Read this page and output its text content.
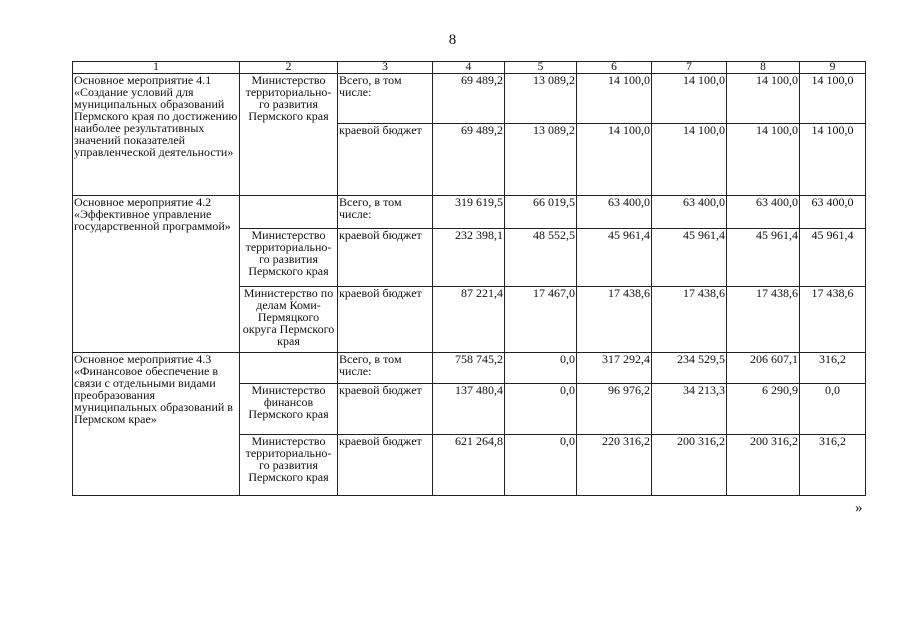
8
1	2	3	4	5	6	7	8	9
Основное мероприятие 4.1 «Создание условий для муниципальных образований Пермского края по достижению наиболее результативных значений показателей управленческой деятельности»	Министерство территориально-го развития Пермского края	Всего, в том числе:	69 489,2	13 089,2	14 100,0	14 100,0	14 100,0	14 100,0
		краевой бюджет	69 489,2	13 089,2	14 100,0	14 100,0	14 100,0	14 100,0
Основное мероприятие 4.2 «Эффективное управление государственной программой»		Всего, в том числе:	319 619,5	66 019,5	63 400,0	63 400,0	63 400,0	63 400,0
	Министерство территориально-го развития Пермского края	краевой бюджет	232 398,1	48 552,5	45 961,4	45 961,4	45 961,4	45 961,4
	Министерство по делам Коми-Пермяцкого округа Пермского края	краевой бюджет	87 221,4	17 467,0	17 438,6	17 438,6	17 438,6	17 438,6
Основное мероприятие 4.3 «Финансовое обеспечение в связи с отдельными видами преобразования муниципальных образований в Пермском крае»		Всего, в том числе:	758 745,2	0,0	317 292,4	234 529,5	206 607,1	316,2
	Министерство финансов Пермского края	краевой бюджет	137 480,4	0,0	96 976,2	34 213,3	6 290,9	0,0
	Министерство территориально-го развития Пермского края	краевой бюджет	621 264,8	0,0	220 316,2	200 316,2	200 316,2	316,2
»
